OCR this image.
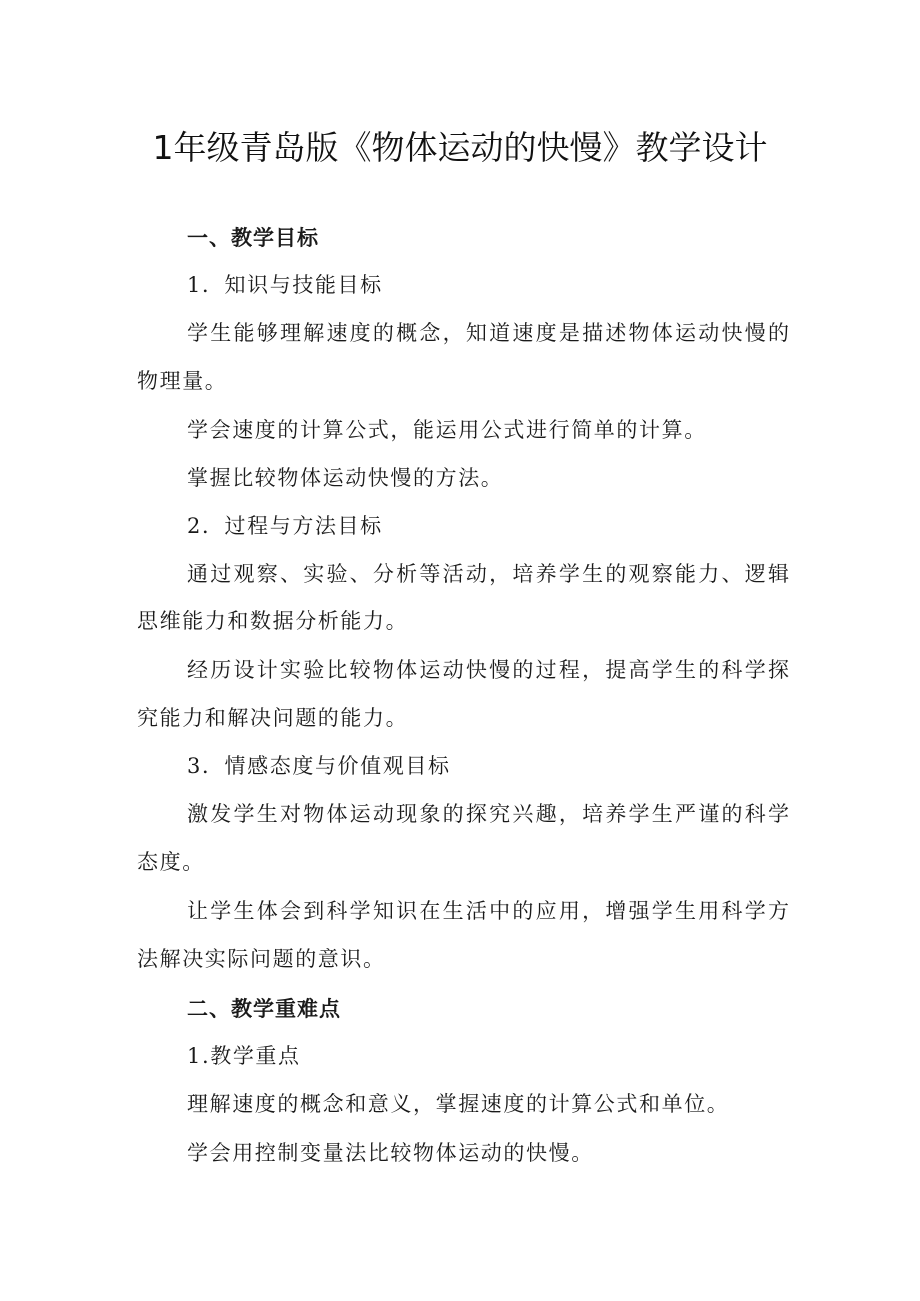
1年级青岛版《物体运动的快慢》教学设计
一、教学目标
1．知识与技能目标
学生能够理解速度的概念，知道速度是描述物体运动快慢的
物理量。
学会速度的计算公式，能运用公式进行简单的计算。
掌握比较物体运动快慢的方法。
2．过程与方法目标
通过观察、实验、分析等活动，培养学生的观察能力、逻辑
思维能力和数据分析能力。
经历设计实验比较物体运动快慢的过程，提高学生的科学探
究能力和解决问题的能力。
3．情感态度与价值观目标
激发学生对物体运动现象的探究兴趣，培养学生严谨的科学
态度。
让学生体会到科学知识在生活中的应用，增强学生用科学方
法解决实际问题的意识。
二、教学重难点
1.教学重点
理解速度的概念和意义，掌握速度的计算公式和单位。
学会用控制变量法比较物体运动的快慢。
